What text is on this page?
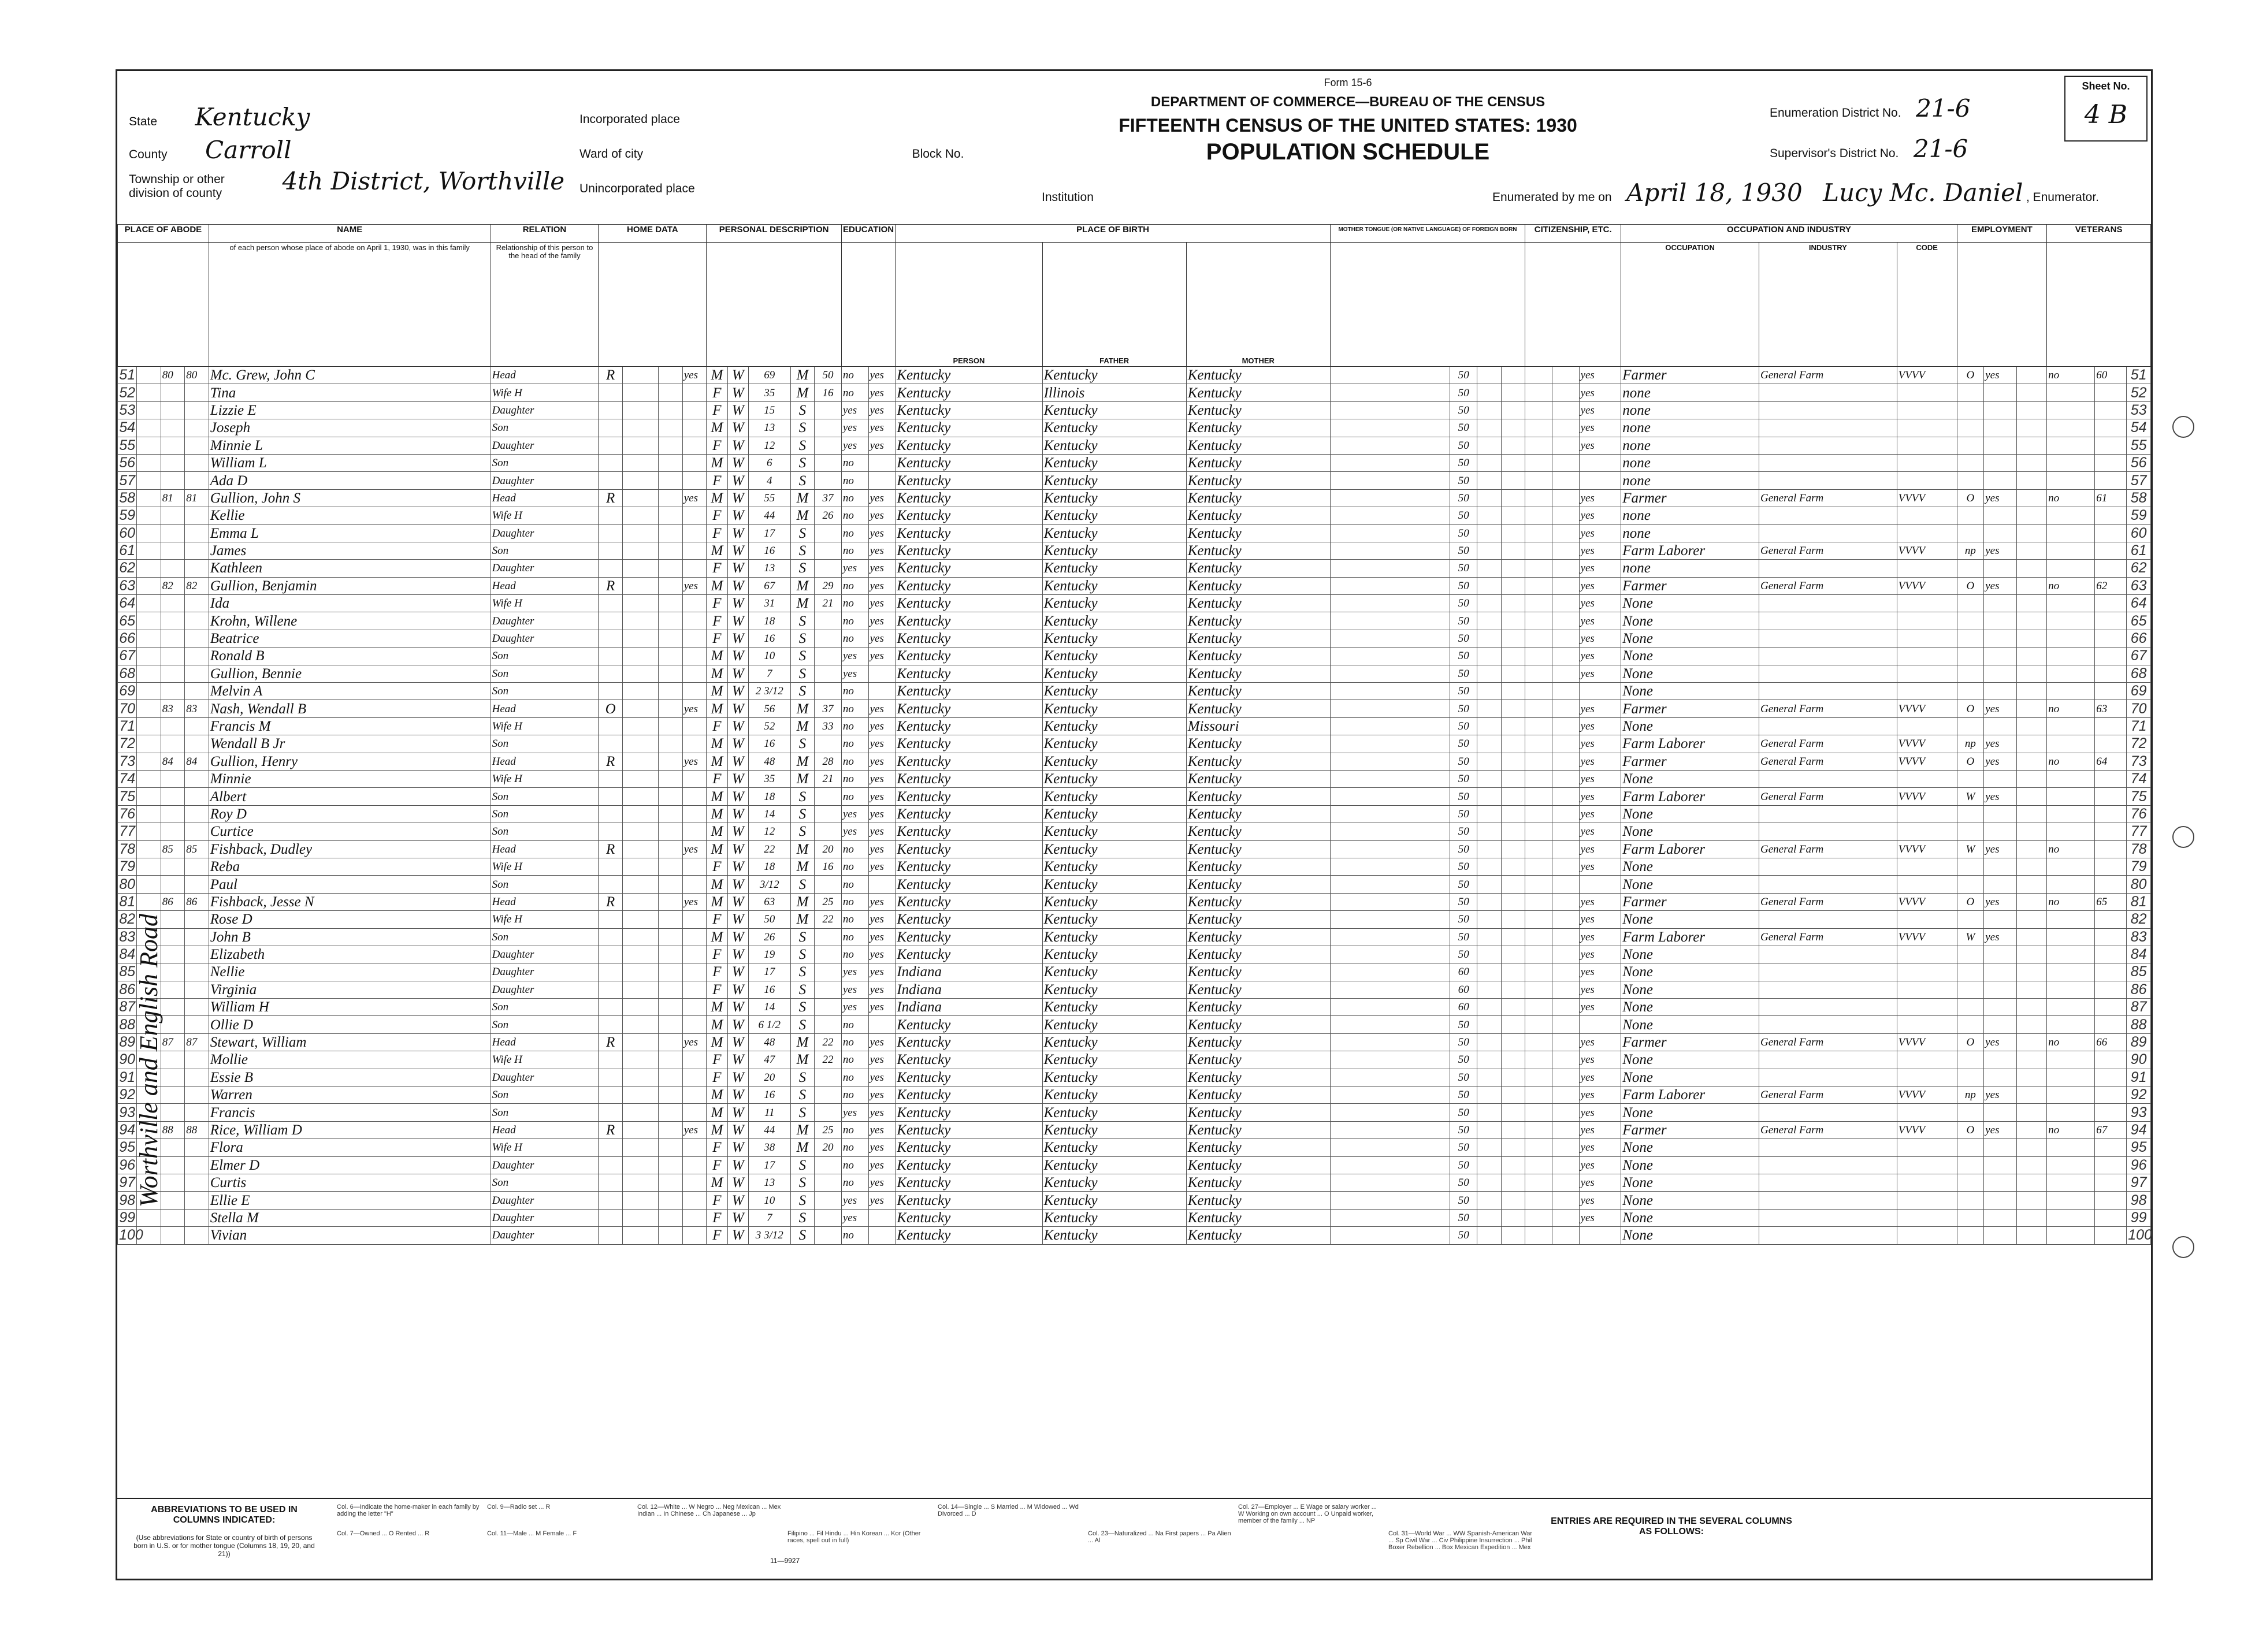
State Kentucky
County Carroll
Township or other division of county 4th District, Worthville
Incorporated place
Ward of city	Block No.
Unincorporated place
Institution
Form 15-6
DEPARTMENT OF COMMERCE—BUREAU OF THE CENSUS
FIFTEENTH CENSUS OF THE UNITED STATES: 1930
POPULATION SCHEDULE
Enumeration District No. 21-6
Supervisor's District No. 21-6
Enumerated by me on April 18, 1930 Lucy Mc. Daniel , Enumerator.
Sheet No.
4 B
PLACE OF ABODE				NAME	RELATION	HOME DATA				PERSONAL DESCRIPTION					EDUCATION		PLACE OF BIRTH			MOTHER TONGUE (OR NATIVE LANGUAGE) OF FOREIGN BORN				CITIZENSHIP, ETC.			OCCUPATION AND INDUSTRY			EMPLOYMENT			VETERANS		
				of each person whose place of abode on April 1, 1930, was in this family	Relationship of this person to the head of the family												PERSON	FATHER	MOTHER								OCCUPATION	INDUSTRY	CODE						
51		80	80	Mc. Grew, John C	Head	R			yes	M	W	69	M	50	no	yes	Kentucky	Kentucky	Kentucky		50					yes	Farmer	General Farm	VVVV	O	yes		no	60	51
52				Tina	Wife H					F	W	35	M	16	no	yes	Kentucky	Illinois	Kentucky		50					yes	none								52
53				Lizzie E	Daughter					F	W	15	S		yes	yes	Kentucky	Kentucky	Kentucky		50					yes	none								53
54				Joseph	Son					M	W	13	S		yes	yes	Kentucky	Kentucky	Kentucky		50					yes	none								54
55				Minnie L	Daughter					F	W	12	S		yes	yes	Kentucky	Kentucky	Kentucky		50					yes	none								55
56				William L	Son					M	W	6	S		no		Kentucky	Kentucky	Kentucky		50						none								56
57				Ada D	Daughter					F	W	4	S		no		Kentucky	Kentucky	Kentucky		50						none								57
58		81	81	Gullion, John S	Head	R			yes	M	W	55	M	37	no	yes	Kentucky	Kentucky	Kentucky		50					yes	Farmer	General Farm	VVVV	O	yes		no	61	58
59				Kellie	Wife H					F	W	44	M	26	no	yes	Kentucky	Kentucky	Kentucky		50					yes	none								59
60				Emma L	Daughter					F	W	17	S		no	yes	Kentucky	Kentucky	Kentucky		50					yes	none								60
61				James	Son					M	W	16	S		no	yes	Kentucky	Kentucky	Kentucky		50					yes	Farm Laborer	General Farm	VVVV	np	yes				61
62				Kathleen	Daughter					F	W	13	S		yes	yes	Kentucky	Kentucky	Kentucky		50					yes	none								62
63		82	82	Gullion, Benjamin	Head	R			yes	M	W	67	M	29	no	yes	Kentucky	Kentucky	Kentucky		50					yes	Farmer	General Farm	VVVV	O	yes		no	62	63
64				Ida	Wife H					F	W	31	M	21	no	yes	Kentucky	Kentucky	Kentucky		50					yes	None								64
65				Krohn, Willene	Daughter					F	W	18	S		no	yes	Kentucky	Kentucky	Kentucky		50					yes	None								65
66				Beatrice	Daughter					F	W	16	S		no	yes	Kentucky	Kentucky	Kentucky		50					yes	None								66
67				Ronald B	Son					M	W	10	S		yes	yes	Kentucky	Kentucky	Kentucky		50					yes	None								67
68				Gullion, Bennie	Son					M	W	7	S		yes		Kentucky	Kentucky	Kentucky		50					yes	None								68
69				Melvin A	Son					M	W	2 3/12	S		no		Kentucky	Kentucky	Kentucky		50						None								69
70		83	83	Nash, Wendall B	Head	O			yes	M	W	56	M	37	no	yes	Kentucky	Kentucky	Kentucky		50					yes	Farmer	General Farm	VVVV	O	yes		no	63	70
71				Francis M	Wife H					F	W	52	M	33	no	yes	Kentucky	Kentucky	Missouri		50					yes	None								71
72				Wendall B Jr	Son					M	W	16	S		no	yes	Kentucky	Kentucky	Kentucky		50					yes	Farm Laborer	General Farm	VVVV	np	yes				72
73		84	84	Gullion, Henry	Head	R			yes	M	W	48	M	28	no	yes	Kentucky	Kentucky	Kentucky		50					yes	Farmer	General Farm	VVVV	O	yes		no	64	73
74				Minnie	Wife H					F	W	35	M	21	no	yes	Kentucky	Kentucky	Kentucky		50					yes	None								74
75				Albert	Son					M	W	18	S		no	yes	Kentucky	Kentucky	Kentucky		50					yes	Farm Laborer	General Farm	VVVV	W	yes				75
76				Roy D	Son					M	W	14	S		yes	yes	Kentucky	Kentucky	Kentucky		50					yes	None								76
77				Curtice	Son					M	W	12	S		yes	yes	Kentucky	Kentucky	Kentucky		50					yes	None								77
78		85	85	Fishback, Dudley	Head	R			yes	M	W	22	M	20	no	yes	Kentucky	Kentucky	Kentucky		50					yes	Farm Laborer	General Farm	VVVV	W	yes		no		78
79				Reba	Wife H					F	W	18	M	16	no	yes	Kentucky	Kentucky	Kentucky		50					yes	None								79
80				Paul	Son					M	W	3/12	S		no		Kentucky	Kentucky	Kentucky		50						None								80
81		86	86	Fishback, Jesse N	Head	R			yes	M	W	63	M	25	no	yes	Kentucky	Kentucky	Kentucky		50					yes	Farmer	General Farm	VVVV	O	yes		no	65	81
82				Rose D	Wife H					F	W	50	M	22	no	yes	Kentucky	Kentucky	Kentucky		50					yes	None								82
83				John B	Son					M	W	26	S		no	yes	Kentucky	Kentucky	Kentucky		50					yes	Farm Laborer	General Farm	VVVV	W	yes				83
84				Elizabeth	Daughter					F	W	19	S		no	yes	Kentucky	Kentucky	Kentucky		50					yes	None								84
85				Nellie	Daughter					F	W	17	S		yes	yes	Indiana	Kentucky	Kentucky		60					yes	None								85
86				Virginia	Daughter					F	W	16	S		yes	yes	Indiana	Kentucky	Kentucky		60					yes	None								86
87				William H	Son					M	W	14	S		yes	yes	Indiana	Kentucky	Kentucky		60					yes	None								87
88				Ollie D	Son					M	W	6 1/2	S		no		Kentucky	Kentucky	Kentucky		50						None								88
89		87	87	Stewart, William	Head	R			yes	M	W	48	M	22	no	yes	Kentucky	Kentucky	Kentucky		50					yes	Farmer	General Farm	VVVV	O	yes		no	66	89
90				Mollie	Wife H					F	W	47	M	22	no	yes	Kentucky	Kentucky	Kentucky		50					yes	None								90
91				Essie B	Daughter					F	W	20	S		no	yes	Kentucky	Kentucky	Kentucky		50					yes	None								91
92				Warren	Son					M	W	16	S		no	yes	Kentucky	Kentucky	Kentucky		50					yes	Farm Laborer	General Farm	VVVV	np	yes				92
93				Francis	Son					M	W	11	S		yes	yes	Kentucky	Kentucky	Kentucky		50					yes	None								93
94		88	88	Rice, William D	Head	R			yes	M	W	44	M	25	no	yes	Kentucky	Kentucky	Kentucky		50					yes	Farmer	General Farm	VVVV	O	yes		no	67	94
95				Flora	Wife H					F	W	38	M	20	no	yes	Kentucky	Kentucky	Kentucky		50					yes	None								95
96				Elmer D	Daughter					F	W	17	S		no	yes	Kentucky	Kentucky	Kentucky		50					yes	None								96
97				Curtis	Son					M	W	13	S		no	yes	Kentucky	Kentucky	Kentucky		50					yes	None								97
98				Ellie E	Daughter					F	W	10	S		yes	yes	Kentucky	Kentucky	Kentucky		50					yes	None								98
99				Stella M	Daughter					F	W	7	S		yes		Kentucky	Kentucky	Kentucky		50					yes	None								99
100				Vivian	Daughter					F	W	3 3/12	S		no		Kentucky	Kentucky	Kentucky		50						None								100
ABBREVIATIONS TO BE USED IN COLUMNS INDICATED:
(Use abbreviations for State or country of birth of persons born in U.S. or for mother tongue (Columns 18, 19, 20, and 21))
Col. 6—Indicate the home-maker in each family by adding the letter "H"
Col. 7—Owned ... O Rented ... R
Col. 9—Radio set ... R
Col. 11—Male ... M Female ... F
Col. 12—White ... W Negro ... Neg Mexican ... Mex Indian ... In Chinese ... Ch Japanese ... Jp
Filipino ... Fil Hindu ... Hin Korean ... Kor (Other races, spell out in full)
Col. 14—Single ... S Married ... M Widowed ... Wd Divorced ... D
Col. 23—Naturalized ... Na First papers ... Pa Alien ... Al
Col. 27—Employer ... E Wage or salary worker ... W Working on own account ... O Unpaid worker, member of the family ... NP
Col. 31—World War ... WW Spanish-American War ... Sp Civil War ... Civ Philippine Insurrection ... Phil Boxer Rebellion ... Box Mexican Expedition ... Mex
ENTRIES ARE REQUIRED IN THE SEVERAL COLUMNS AS FOLLOWS:
11—9927
Worthville and English Road
